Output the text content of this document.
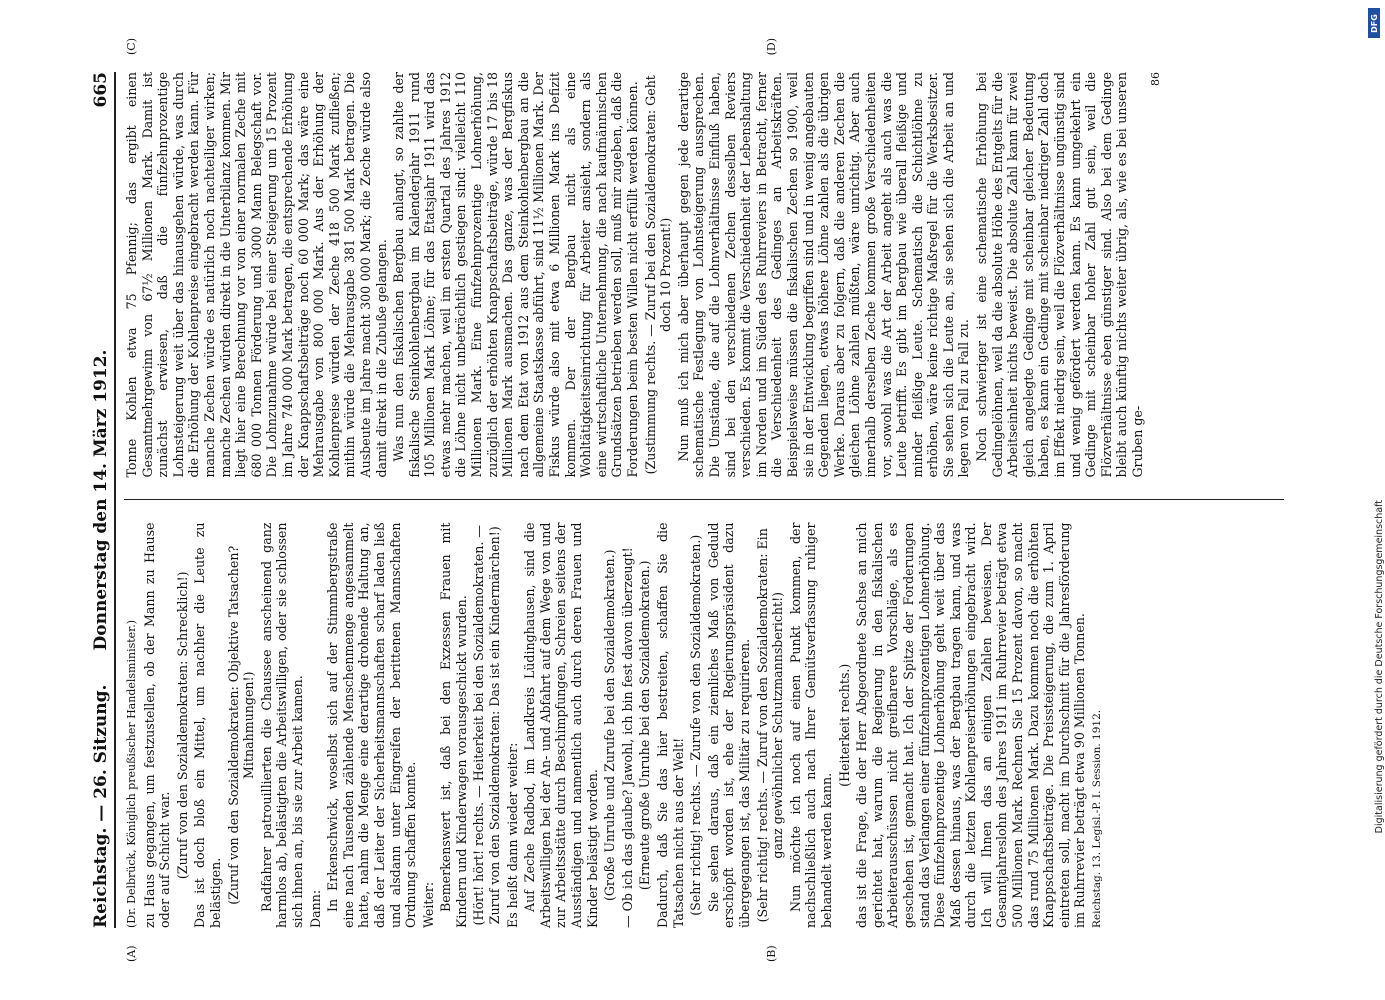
DFG
Digitalisierung gefördert durch die Deutsche Forschungsgemeinschaft
Reichstag. — 26. Sitzung.
Donnerstag den 14. März 1912.
665
(A)	(B)

(Dr. Delbrück, Königlich preußischer Handelsminister.) zu Haus gegangen, um festzustellen, ob der Mann zu Hause oder auf Schicht war. (Zuruf von den Sozialdemokraten: Schrecklich!) Das ist doch bloß ein Mittel, um nachher die Leute zu belästigen. (Zuruf von den Sozialdemokraten: Objektive Tatsachen? Mitnahmungen!) Radfahrer patrouillierten die Chaussee anscheinend ganz harmlos ab, belästigten die Arbeitswilligen, oder sie schlossen sich ihnen an, bis sie zur Arbeit kamen. Dann: In Erkenschwick, woselbst sich auf der Stimmbergstraße eine nach Tausenden zählende Menschenmenge angesammelt hatte, nahm die Menge eine derartige drohende Haltung an, daß der Leiter der Sicherheitsmannschaften scharf laden ließ und alsdann unter Eingreifen der berittenen Mannschaften Ordnung schaffen konnte. Weiter: Bemerkenswert ist, daß bei den Exzessen Frauen mit Kindern und Kinderwagen vorausgeschickt wurden. (Hört! hört! rechts. — Heiterkeit bei den Sozialdemokraten. — Zuruf von den Sozialdemokraten: Das ist ein Kindermärchen!) Es heißt dann wieder weiter: Auf Zeche Radbod, im Landkreis Lüdinghausen, sind die Arbeitswilligen bei der An- und Abfahrt auf dem Wege von und zur Arbeitsstätte durch Beschimpfungen, Schreien seitens der Ausständigen und namentlich auch durch deren Frauen und Kinder belästigt worden. (Große Unruhe und Zurufe bei den Sozialdemokraten.) — Ob ich das glaube? Jawohl, ich bin fest davon überzeugt! (Erneute große Unruhe bei den Sozialdemokraten.) Dadurch, daß Sie das hier bestreiten, schaffen Sie die Tatsachen nicht aus der Welt! (Sehr richtig! rechts. — Zurufe von den Sozialdemokraten.) Sie sehen daraus, daß ein ziemliches Maß von Geduld erschöpft worden ist, ehe der Regierungspräsident dazu übergegangen ist, das Militär zu requirieren. (Sehr richtig! rechts. — Zuruf von den Sozialdemokraten: Ein ganz gewöhnlicher Schutzmannsbericht!) Nun möchte ich noch auf einen Punkt kommen, der nachschließlich auch nach Ihrer Gemütsverfassung ruhiger behandelt werden kann.

(Heiterkeit rechts.) das ist die Frage, die der Herr Abgeordnete Sachse an mich gerichtet hat, warum die Regierung in den fiskalischen Arbeiterausschüssen nicht greifbarere Vorschläge, als es geschehen ist, gemacht hat. Ich der Spitze der Forderungen stand das Verlangen einer fünfzehnprozentigen Lohnerhöhung. Diese fünfzehnprozentige Lohnerhöhung geht weit über das Maß dessen hinaus, was der Bergbau tragen kann, und was durch die letzten Kohlenpreiserhöhungen eingebracht wird. Ich will Ihnen das an einigen Zahlen beweisen. Der Gesamtjahreslohn des Jahres 1911 im Ruhrrevier beträgt etwa 500 Millionen Mark. Rechnen Sie 15 Prozent davon, so macht das rund 75 Millionen Mark. Dazu kommen noch die erhöhten Knappschaftsbeiträge. Die Preissteigerung, die zum 1. April eintreten soll, macht im Durchschnitt für die Jahresförderung im Ruhrrevier beträgt etwa 90 Millionen Tonnen. Reichstag. 13. Legisl.-P. I. Session. 1912.

(C)	(D)

Tonne Kohlen etwa 75 Pfennig; das ergibt einen Gesamtmehrgewinn von 67½ Millionen Mark. Damit ist zunächst erwiesen, daß die fünfzehnprozentige Lohnsteigerung weit über das hinausgehen würde, was durch die Erhöhung der Kohlenpreise eingebracht werden kann. Für manche Zechen würde es natürlich noch nachteiliger wirken; manche Zechen würden direkt in die Unterbilanz kommen. Mir liegt hier eine Berechnung vor von einer normalen Zeche mit 680 000 Tonnen Förderung und 3000 Mann Belegschaft vor. Die Lohnzunahme würde bei einer Steigerung um 15 Prozent im Jahre 740 000 Mark betragen, die entsprechende Erhöhung der Knappschaftsbeiträge noch 60 000 Mark; das wäre eine Mehrausgabe von 800 000 Mark. Aus der Erhöhung der Kohlenpreise würden der Zeche 418 500 Mark zufließen; mithin würde die Mehrausgabe 381 500 Mark betragen. Die Ausbeute im Jahre macht 300 000 Mark; die Zeche würde also damit direkt in die Zubuße gelangen. Was nun den fiskalischen Bergbau anlangt, so zahlte der fiskalische Steinkohlenbergbau im Kalenderjahr 1911 rund 105 Millionen Mark Löhne; für das Etatsjahr 1911 wird das etwas mehr machen, weil im ersten Quartal des Jahres 1912 die Löhne nicht unbeträchtlich gestiegen sind: vielleicht 110 Millionen Mark. Eine fünfzehnprozentige Lohnerhöhung, zuzüglich der erhöhten Knappschaftsbeiträge, würde 17 bis 18 Millionen Mark ausmachen. Das ganze, was der Bergfiskus nach dem Etat von 1912 aus dem Steinkohlenbergbau an die allgemeine Staatskasse abführt, sind 11½ Millionen Mark. Der Fiskus würde also mit etwa 6 Millionen Mark ins Defizit kommen. Der der Bergbau nicht als eine Wohltätigkeitseinrichtung für Arbeiter ansieht, sondern als eine wirtschaftliche Unternehmung, die nach kaufmännischen Grundsätzen betrieben werden soll, muß mir zugeben, daß die Forderungen beim besten Willen nicht erfüllt werden können. (Zustimmung rechts. — Zuruf bei den Sozialdemokraten: Geht doch 10 Prozent!) Nun muß ich mich aber überhaupt gegen jede derartige schematische Festlegung von Lohnsteigerung aussprechen. Die Umstände, die auf die Lohnverhältnisse Einfluß haben, sind bei den verschiedenen Zechen desselben Reviers verschieden. Es kommt die Verschiedenheit der Lebenshaltung im Norden und im Süden des Ruhrreviers in Betracht, ferner die Verschiedenheit des Gedinges an Arbeitskräften. Beispielsweise müssen die fiskalischen Zechen so 1900, weil sie in der Entwicklung begriffen sind und in wenig angebauten Gegenden liegen, etwas höhere Löhne zahlen als die übrigen Werke. Daraus aber zu folgern, daß die anderen Zechen die gleichen Löhne zahlen müßten, wäre unrichtig. Aber auch innerhalb derselben Zeche kommen große Verschiedenheiten vor, sowohl was die Art der Arbeit angeht als auch was die Leute betrifft. Es gibt im Bergbau wie überall fleißige und minder fleißige Leute. Schematisch die Schichtlöhne zu erhöhen, wäre keine richtige Maßregel für die Werksbesitzer. Sie sehen sich die Leute an, sie sehen sich die Arbeit an und legen von Fall zu Fall zu. Noch schwieriger ist eine schematische Erhöhung bei Gedingelöhnen, weil da die absolute Höhe des Entgelts für die Arbeitseinheit nichts beweist. Die absolute Zahl kann für zwei gleich angelegte Gedinge mit scheinbar gleicher Bedeutung haben, es kann ein Gedinge mit scheinbar niedriger Zahl doch im Effekt niedrig sein, weil die Flözverhältnisse ungünstig sind und wenig gefördert werden kann. Es kann umgekehrt ein Gedinge mit scheinbar hoher Zahl gut sein, weil die Flözverhältnisse eben günstiger sind. Also bei dem Gedinge bleibt auch künftig nichts weiter übrig, als, wie es bei unseren Gruben ge-

86
